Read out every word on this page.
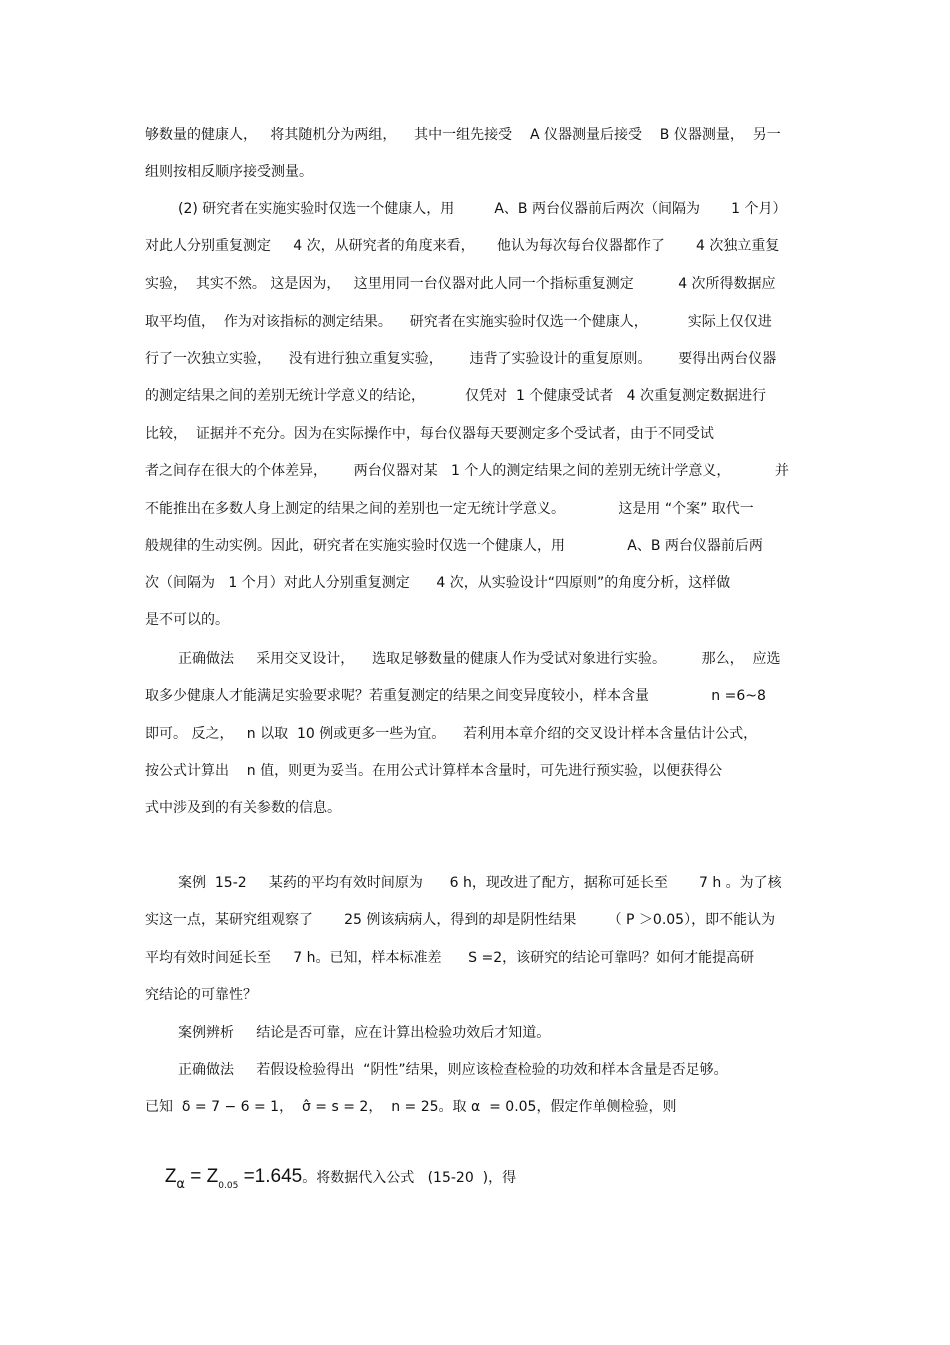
够数量的健康人，   将其随机分为两组，    其中一组先接受    A 仪器测量后接受    B 仪器测量，  另一
组则按相反顺序接受测量。
(2) 研究者在实施实验时仅选一个健康人，用         A、B 两台仪器前后两次（间隔为       1 个月）
对此人分别重复测定     4 次，从研究者的角度来看，     他认为每次每台仪器都作了       4 次独立重复
实验，  其实不然。 这是因为，   这里用同一台仪器对此人同一个指标重复测定          4 次所得数据应
取平均值，  作为对该指标的测定结果。    研究者在实施实验时仅选一个健康人，         实际上仅仅进
行了一次独立实验，    没有进行独立重复实验，      违背了实验设计的重复原则。      要得出两台仪器
的测定结果之间的差别无统计学意义的结论，         仅凭对  1 个健康受试者   4 次重复测定数据进行
比较，  证据并不充分。因为在实际操作中，每台仪器每天要测定多个受试者，由于不同受试
者之间存在很大的个体差异，      两台仪器对某   1 个人的测定结果之间的差别无统计学意义，          并
不能推出在多数人身上测定的结果之间的差别也一定无统计学意义。            这是用 “个案” 取代一
般规律的生动实例。因此，研究者在实施实验时仅选一个健康人，用              A、B 两台仪器前后两
次（间隔为   1 个月）对此人分别重复测定      4 次，从实验设计“四原则”的角度分析，这样做
是不可以的。
正确做法     采用交叉设计，    选取足够数量的健康人作为受试对象进行实验。        那么，  应选
取多少健康人才能满足实验要求呢？若重复测定的结果之间变异度较小，样本含量              n =6~8
即可。 反之，   n 以取  10 例或更多一些为宜。    若利用本章介绍的交叉设计样本含量估计公式，
按公式计算出    n 值，则更为妥当。在用公式计算样本含量时，可先进行预实验，以便获得公
式中涉及到的有关参数的信息。
案例  15-2     某药的平均有效时间原为      6 h，现改进了配方，据称可延长至       7 h 。为了核
实这一点，某研究组观察了       25 例该病病人，得到的却是阴性结果       （ P ＞0.05），即不能认为
平均有效时间延长至     7 h。已知，样本标准差      S =2，该研究的结论可靠吗？如何才能提高研
究结论的可靠性？
案例辨析     结论是否可靠，应在计算出检验功效后才知道。
正确做法     若假设检验得出  “阴性”结果，则应该检查检验的功效和样本含量是否足够。
已知  δ = 7 − 6 = 1，  σ̂ = s = 2，  n = 25。取 α  = 0.05，假定作单侧检验，则

$Z\alpha = Z_{0.05} =1.645$。将数据代入公式   (15-20  )，得
